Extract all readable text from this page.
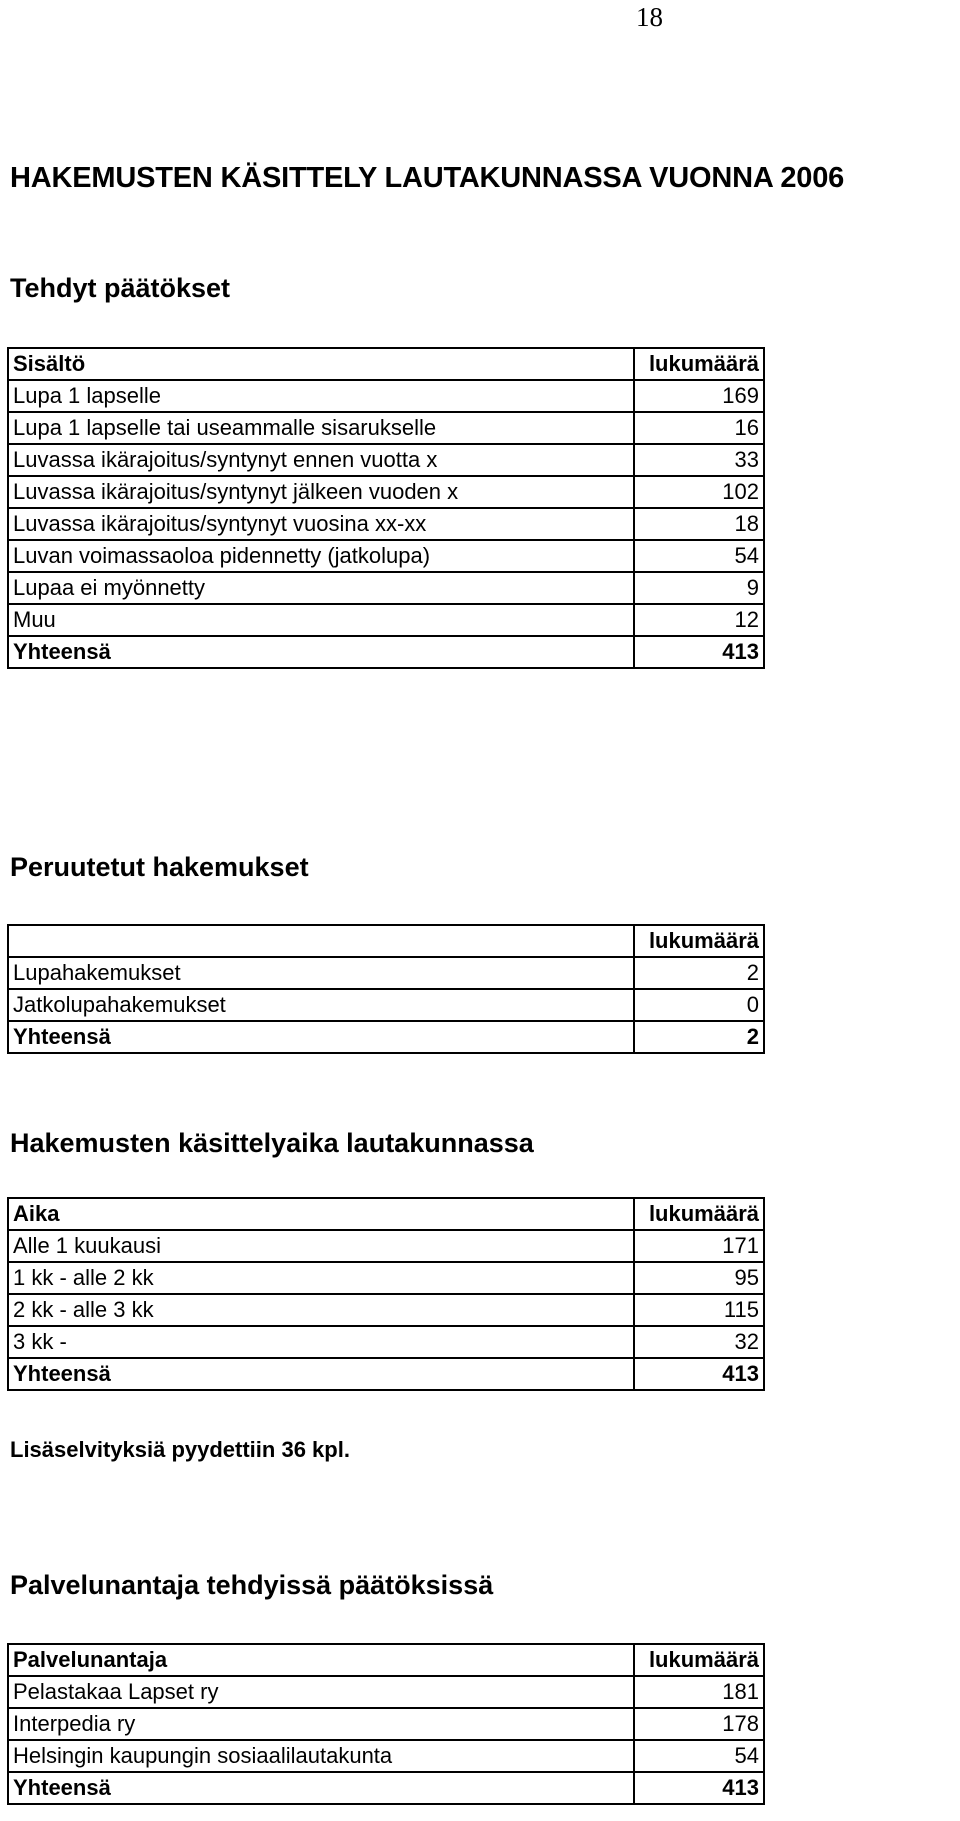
18
HAKEMUSTEN KÄSITTELY LAUTAKUNNASSA VUONNA 2006
Tehdyt päätökset
Sisältö	lukumäärä
Lupa 1 lapselle	169
Lupa 1 lapselle tai useammalle sisarukselle	16
Luvassa ikärajoitus/syntynyt ennen vuotta x	33
Luvassa ikärajoitus/syntynyt jälkeen vuoden x	102
Luvassa ikärajoitus/syntynyt vuosina xx-xx	18
Luvan voimassaoloa pidennetty (jatkolupa)	54
Lupaa ei myönnetty	9
Muu	12
Yhteensä	413
Peruutetut hakemukset
	lukumäärä
Lupahakemukset	2
Jatkolupahakemukset	0
Yhteensä	2
Hakemusten käsittelyaika lautakunnassa
Aika	lukumäärä
Alle 1 kuukausi	171
1 kk - alle 2 kk	95
2 kk - alle 3 kk	115
3 kk -	32
Yhteensä	413
Lisäselvityksiä pyydettiin 36 kpl.
Palvelunantaja tehdyissä päätöksissä
Palvelunantaja	lukumäärä
Pelastakaa Lapset ry	181
Interpedia ry	178
Helsingin kaupungin sosiaalilautakunta	54
Yhteensä	413
